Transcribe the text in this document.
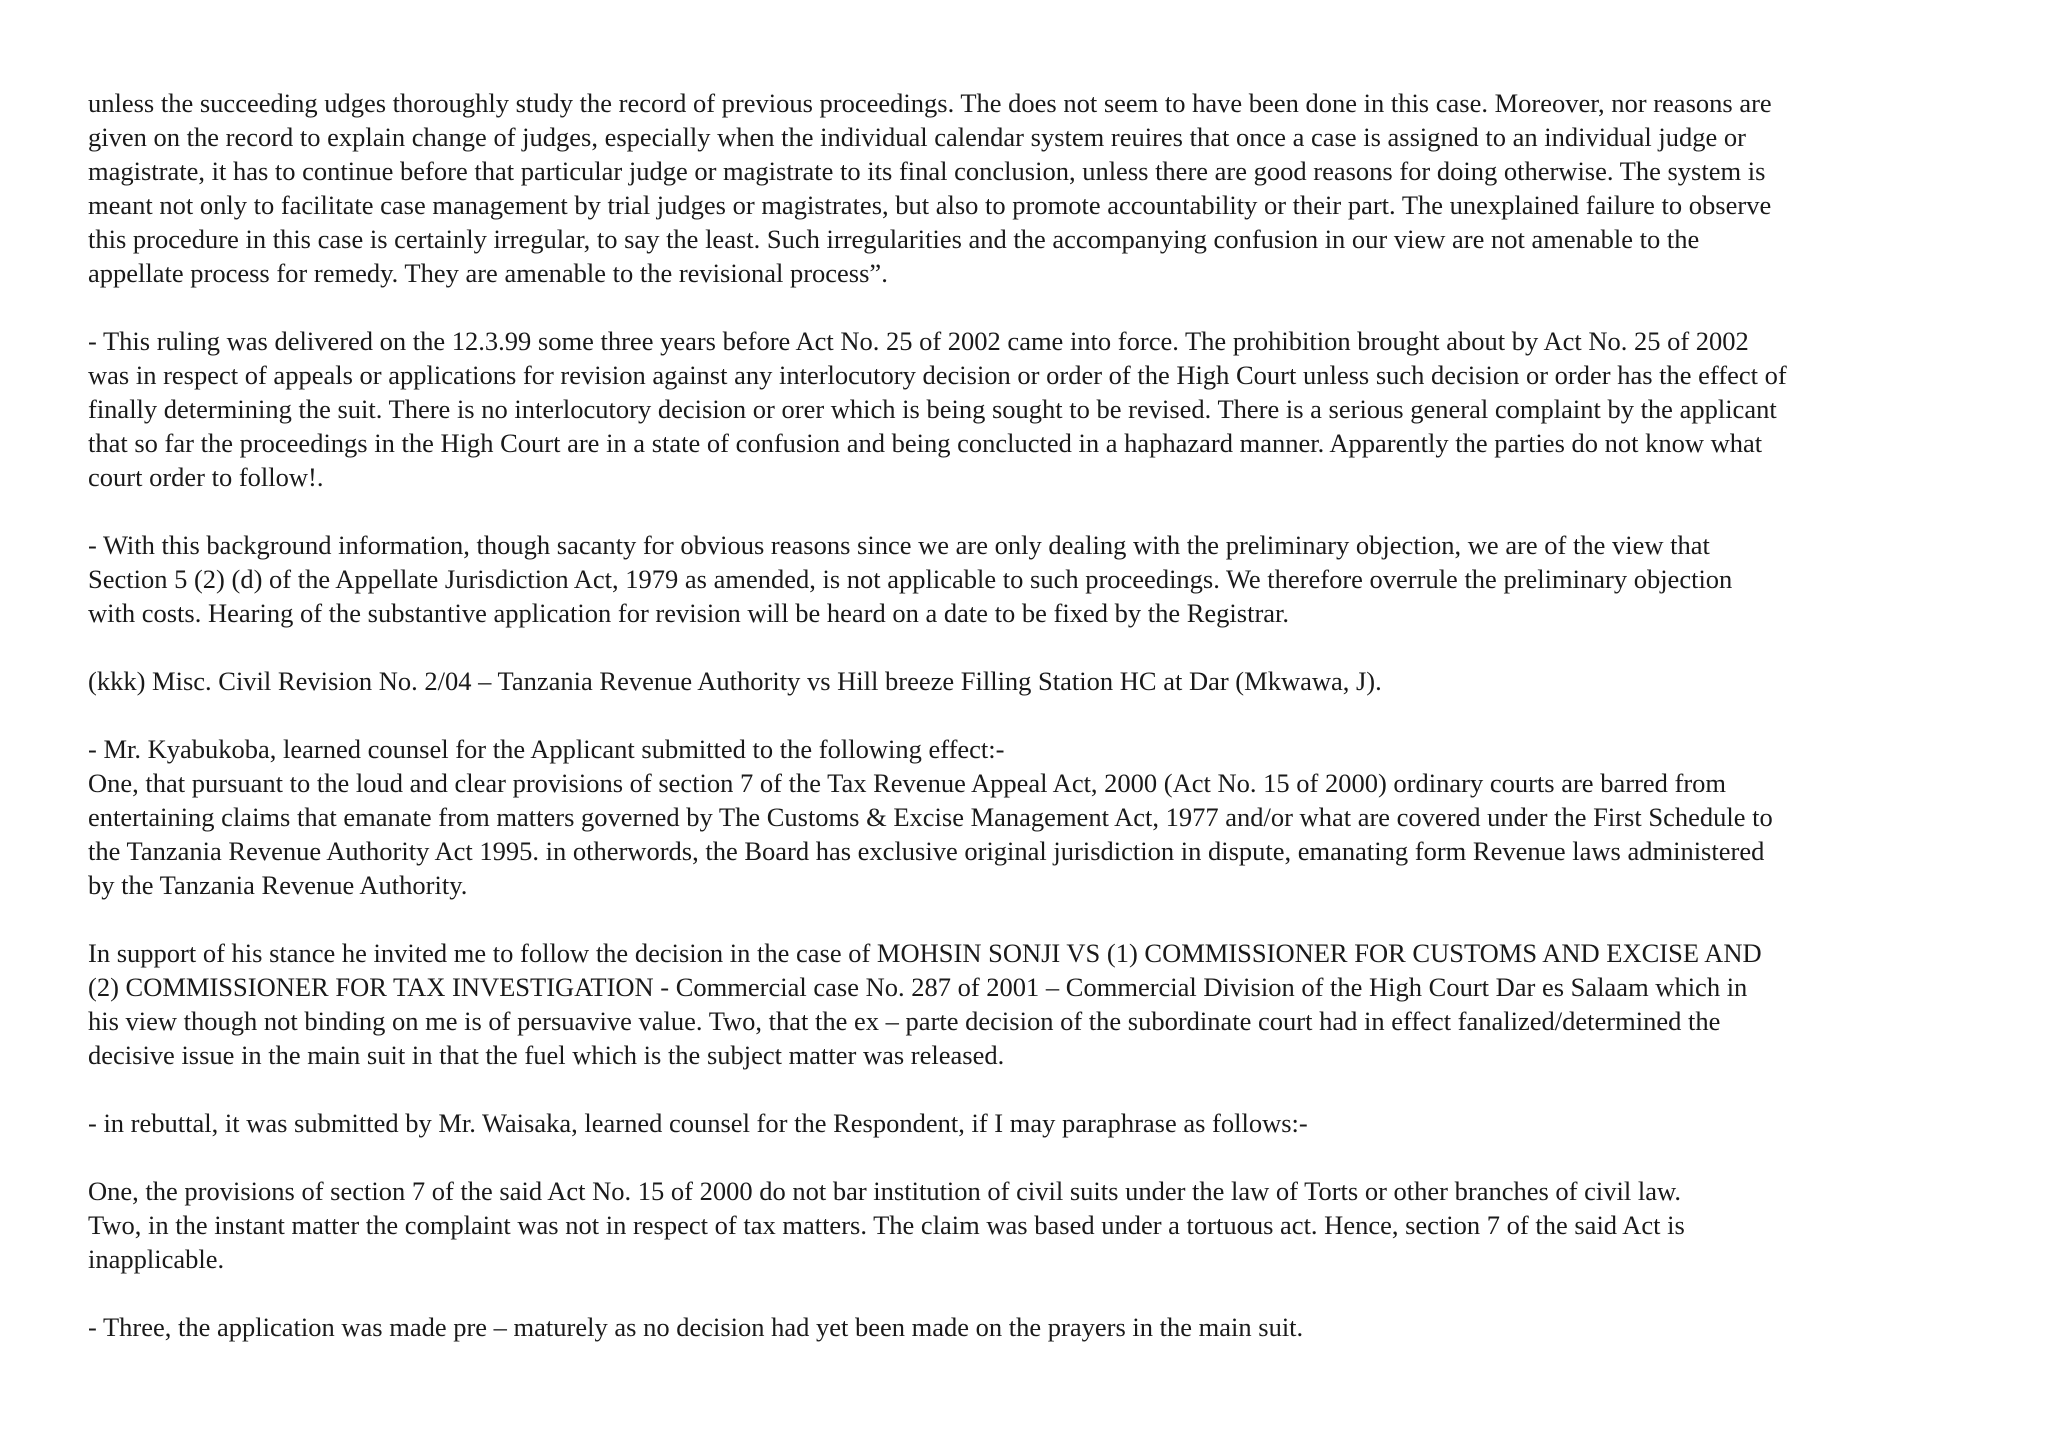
unless the succeeding udges thoroughly study the record of previous proceedings. The does not seem to have been done in this case. Moreover, nor reasons are
given on the record to explain change of judges, especially when the individual calendar system reuires that once a case is assigned to an individual judge or
magistrate, it has to continue before that particular judge or magistrate to its final conclusion, unless there are good reasons for doing otherwise. The system is
meant not only to facilitate case management by trial judges or magistrates, but also to promote accountability or their part. The unexplained failure to observe
this procedure in this case is certainly irregular, to say the least. Such irregularities and the accompanying confusion in our view are not amenable to the
appellate process for remedy. They are amenable to the revisional process”.

- This ruling was delivered on the 12.3.99 some three years before Act No. 25 of 2002 came into force. The prohibition brought about by Act No. 25 of 2002
was in respect of appeals or applications for revision against any interlocutory decision or order of the High Court unless such decision or order has the effect of
finally determining the suit. There is no interlocutory decision or orer which is being sought to be revised. There is a serious general complaint by the applicant
that so far the proceedings in the High Court are in a state of confusion and being conclucted in a haphazard manner. Apparently the parties do not know what
court order to follow!.

- With this background information, though sacanty for obvious reasons since we are only dealing with the preliminary objection, we are of the view that
Section 5 (2) (d) of the Appellate Jurisdiction Act, 1979 as amended, is not applicable to such proceedings. We therefore overrule the preliminary objection
with costs. Hearing of the substantive application for revision will be heard on a date to be fixed by the Registrar.

(kkk) Misc. Civil Revision No. 2/04 – Tanzania Revenue Authority vs Hill breeze Filling Station HC at Dar (Mkwawa, J).

- Mr. Kyabukoba, learned counsel for the Applicant submitted to the following effect:-
One, that pursuant to the loud and clear provisions of section 7 of the Tax Revenue Appeal Act, 2000 (Act No. 15 of 2000) ordinary courts are barred from
entertaining claims that emanate from matters governed by The Customs & Excise Management Act, 1977 and/or what are covered under the First Schedule to
the Tanzania Revenue Authority Act 1995. in otherwords, the Board has exclusive original jurisdiction in dispute, emanating form Revenue laws administered
by the Tanzania Revenue Authority.

In support of his stance he invited me to follow the decision in the case of MOHSIN SONJI VS (1) COMMISSIONER FOR CUSTOMS AND EXCISE AND
(2) COMMISSIONER FOR TAX INVESTIGATION - Commercial case No. 287 of 2001 – Commercial Division of the High Court Dar es Salaam which in
his view though not binding on me is of persuavive value. Two, that the ex – parte decision of the subordinate court had in effect fanalized/determined the
decisive issue in the main suit in that the fuel which is the subject matter was released.

- in rebuttal, it was submitted by Mr. Waisaka, learned counsel for the Respondent, if I may paraphrase as follows:-

One, the provisions of section 7 of the said Act No. 15 of 2000 do not bar institution of civil suits under the law of Torts or other branches of civil law.
Two, in the instant matter the complaint was not in respect of tax matters. The claim was based under a tortuous act. Hence, section 7 of the said Act is
inapplicable.

- Three, the application was made pre – maturely as no decision had yet been made on the prayers in the main suit.
